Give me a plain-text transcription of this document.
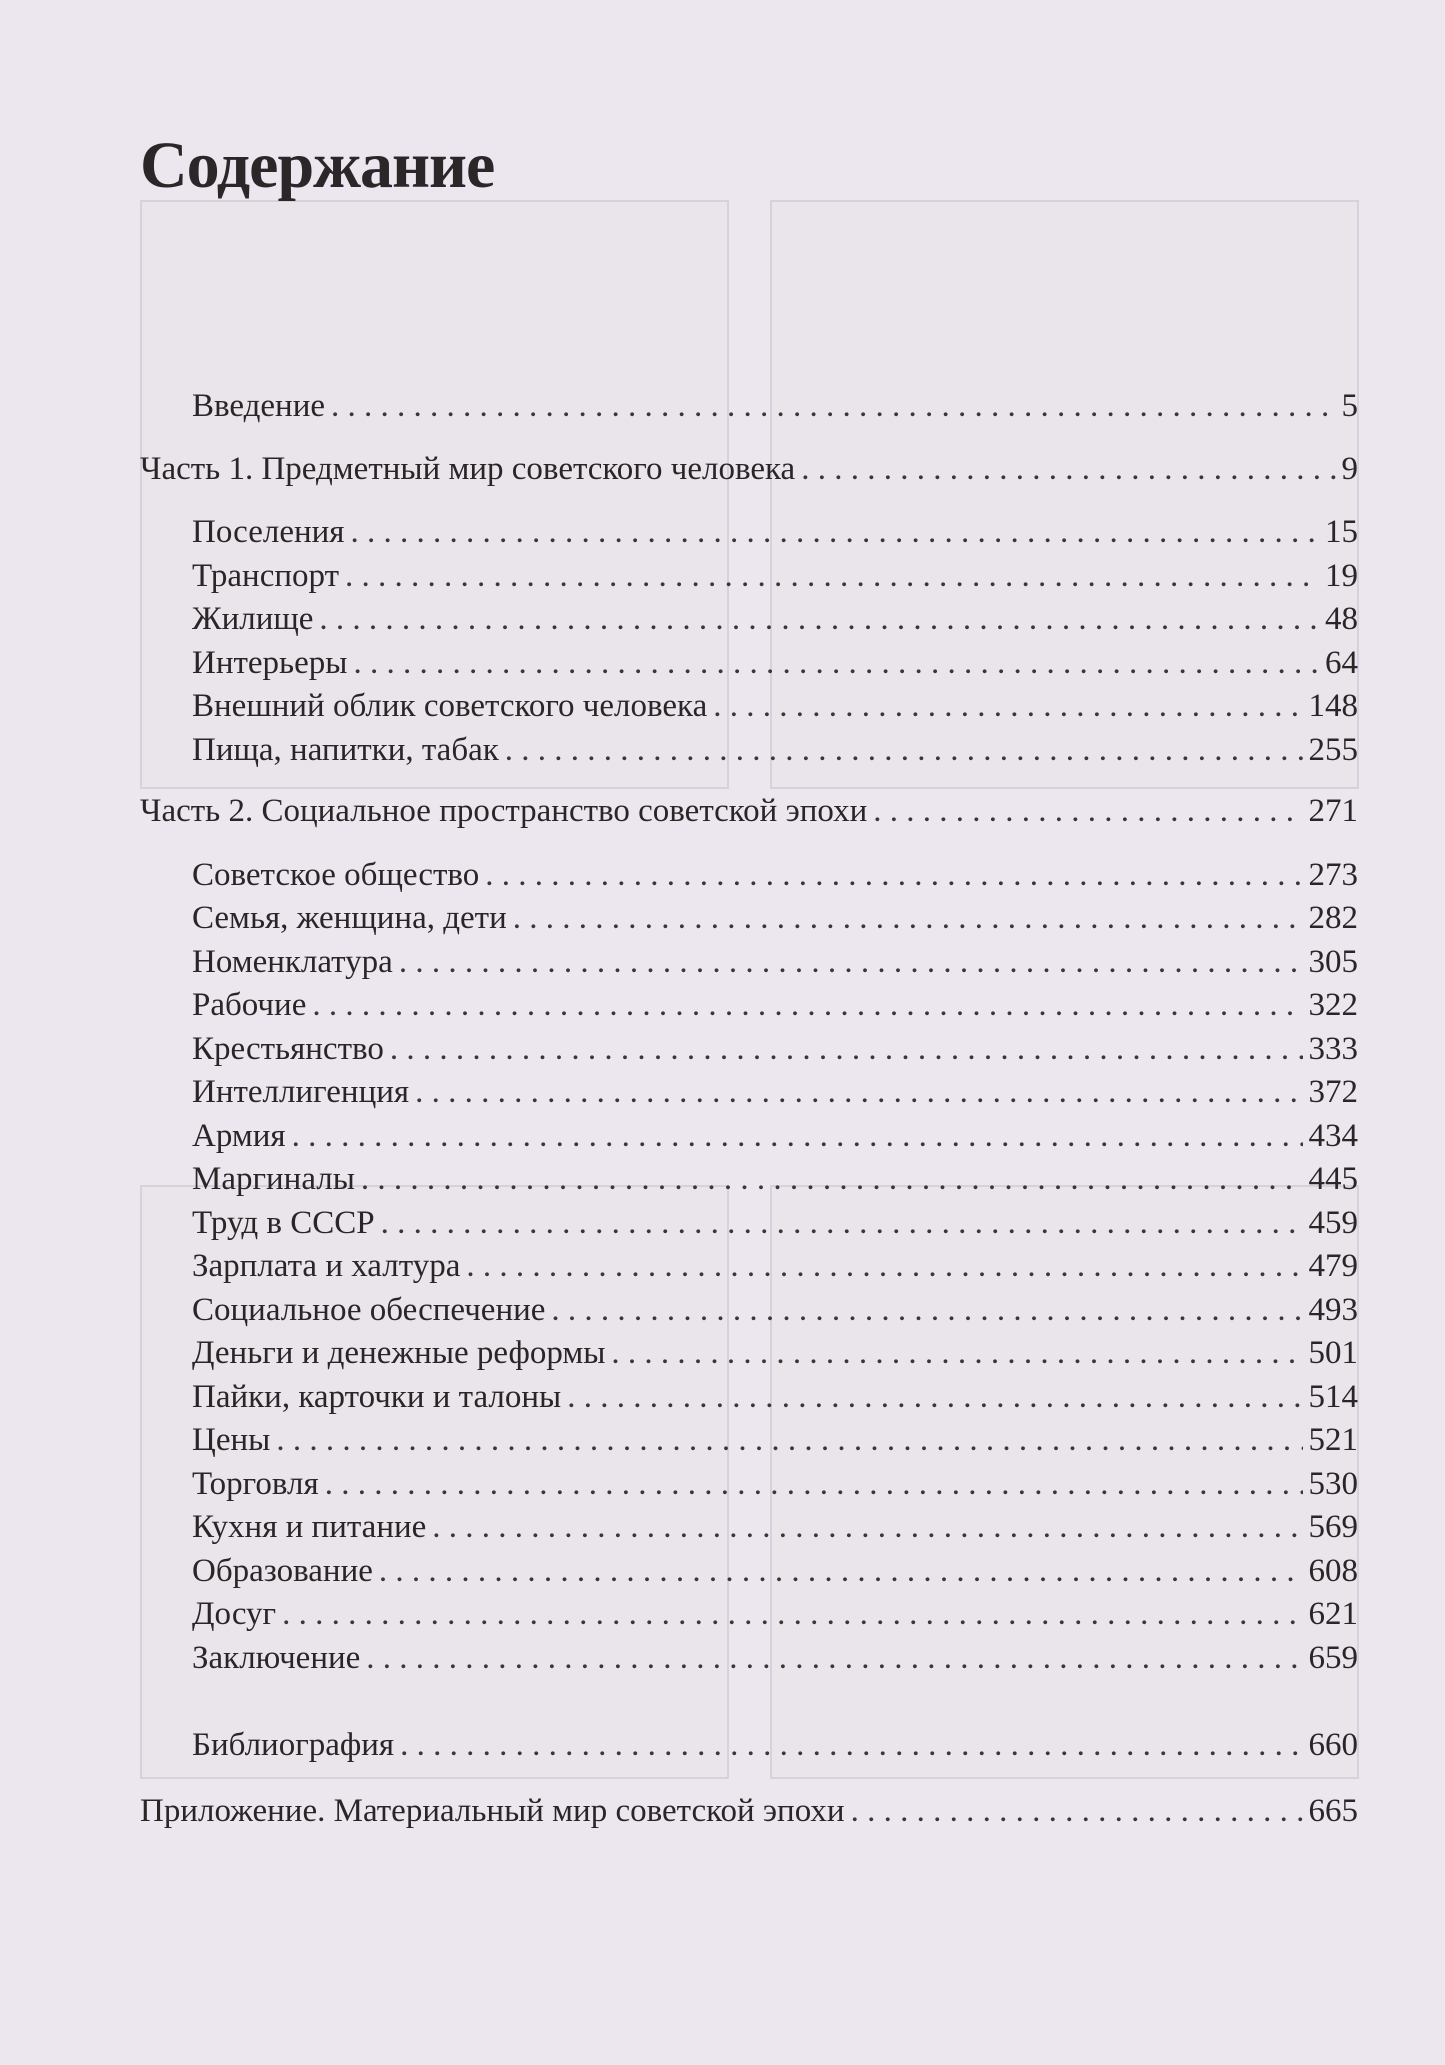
Содержание
Введение . . .	5
Часть 1. Предметный мир советского человека . . .	9
Поселения . . .	15
Транспорт . . .	19
Жилище . . .	48
Интерьеры . . .	64
Внешний облик советского человека . . .	148
Пища, напитки, табак . . .	255
Часть 2. Социальное пространство советской эпохи . . .	271
Советское общество . . .	273
Семья, женщина, дети . . .	282
Номенклатура . . .	305
Рабочие . . .	322
Крестьянство . . .	333
Интеллигенция . . .	372
Армия . . .	434
Маргиналы . . .	445
Труд в СССР . . .	459
Зарплата и халтура . . .	479
Социальное обеспечение . . .	493
Деньги и денежные реформы . . .	501
Пайки, карточки и талоны . . .	514
Цены . . .	521
Торговля . . .	530
Кухня и питание . . .	569
Образование . . .	608
Досуг . . .	621
Заключение . . .	659
Библиография . . .	660
Приложение. Материальный мир советской эпохи . . .	665
